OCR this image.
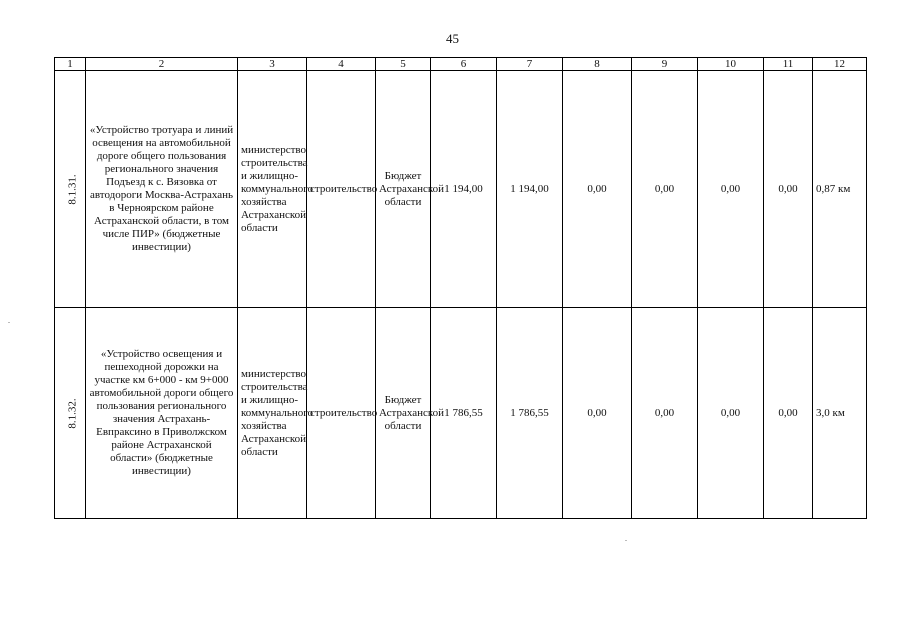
45
1	2	3	4	5	6	7	8	9	10	11	12
8.1.31.	«Устройство тротуара и линий освещения на автомобильной дороге общего пользования регионального значения Подъезд к с. Вязовка от автодороги Москва-Астрахань в Черноярском районе Астраханской области, в том числе ПИР» (бюджетные инвестиции)	министерство строительства и жилищно-коммунального хозяйства Астраханской области	строительство	Бюджет Астраханской области	1 194,00	1 194,00	0,00	0,00	0,00	0,00	0,87 км
8.1.32.	«Устройство освещения и пешеходной дорожки на участке км 6+000 - км 9+000 автомобильной дороги общего пользования регионального значения Астрахань-Евпраксино в Приволжском районе Астраханской области» (бюджетные инвестиции)	министерство строительства и жилищно-коммунального хозяйства Астраханской области	строительство	Бюджет Астраханской области	1 786,55	1 786,55	0,00	0,00	0,00	0,00	3,0 км
